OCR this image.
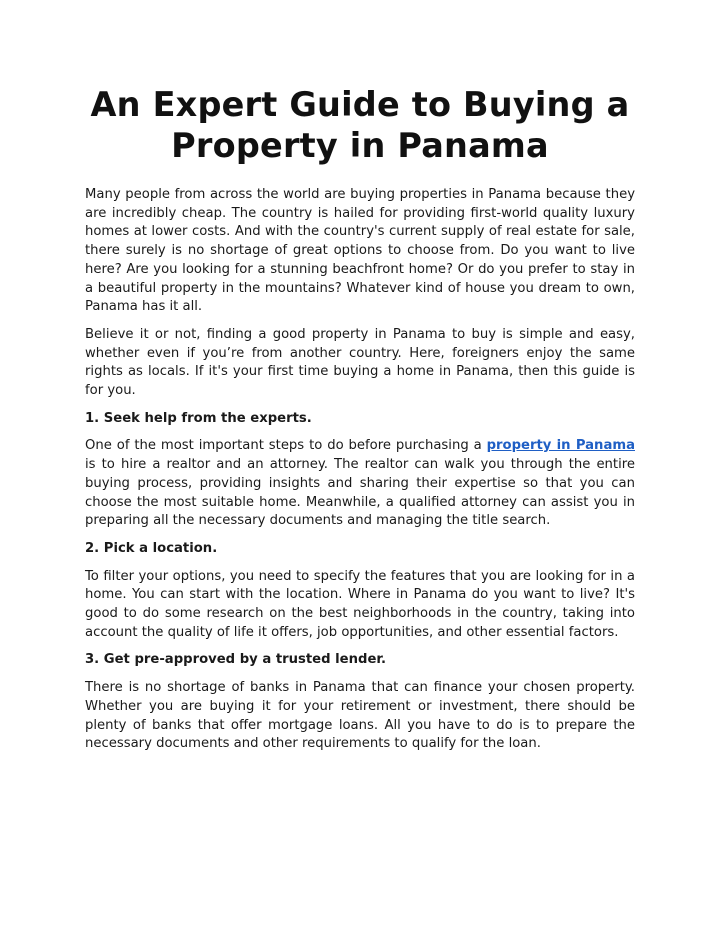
An Expert Guide to Buying a Property in Panama

Many people from across the world are buying properties in Panama because they are incredibly cheap. The country is hailed for providing first-world quality luxury homes at lower costs. And with the country's current supply of real estate for sale, there surely is no shortage of great options to choose from. Do you want to live here? Are you looking for a stunning beachfront home? Or do you prefer to stay in a beautiful property in the mountains? Whatever kind of house you dream to own, Panama has it all.

Believe it or not, finding a good property in Panama to buy is simple and easy, whether even if you’re from another country. Here, foreigners enjoy the same rights as locals. If it's your first time buying a home in Panama, then this guide is for you.

1. Seek help from the experts.

One of the most important steps to do before purchasing a property in Panama is to hire a realtor and an attorney. The realtor can walk you through the entire buying process, providing insights and sharing their expertise so that you can choose the most suitable home. Meanwhile, a qualified attorney can assist you in preparing all the necessary documents and managing the title search.

2. Pick a location.

To filter your options, you need to specify the features that you are looking for in a home. You can start with the location. Where in Panama do you want to live? It's good to do some research on the best neighborhoods in the country, taking into account the quality of life it offers, job opportunities, and other essential factors.

3. Get pre-approved by a trusted lender.

There is no shortage of banks in Panama that can finance your chosen property. Whether you are buying it for your retirement or investment, there should be plenty of banks that offer mortgage loans. All you have to do is to prepare the necessary documents and other requirements to qualify for the loan.
